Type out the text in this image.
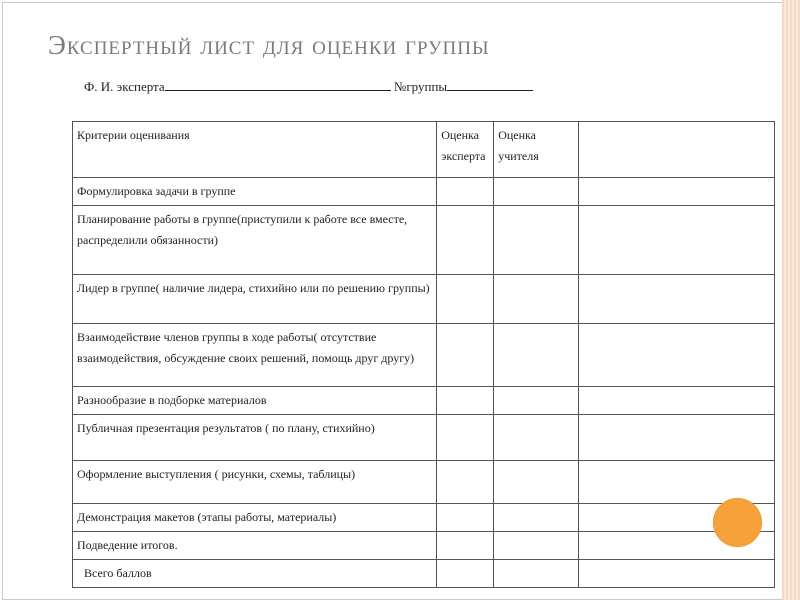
Экспертный лист для оценки группы
Ф. И. эксперта	№группы
Критерии оценивания	Оценка эксперта	Оценка учителя	
Формулировка задачи в группе			
Планирование работы в группе(приступили к работе все вместе, распределили обязанности)			
Лидер в группе( наличие лидера, стихийно или по решению группы)			
Взаимодействие членов группы в ходе работы( отсутствие взаимодействия, обсуждение своих решений, помощь друг другу)			
Разнообразие в подборке материалов			
Публичная презентация результатов ( по плану, стихийно)			
Оформление выступления ( рисунки, схемы, таблицы)			
Демонстрация макетов (этапы работы, материалы)			
Подведение итогов.			
Всего баллов			
